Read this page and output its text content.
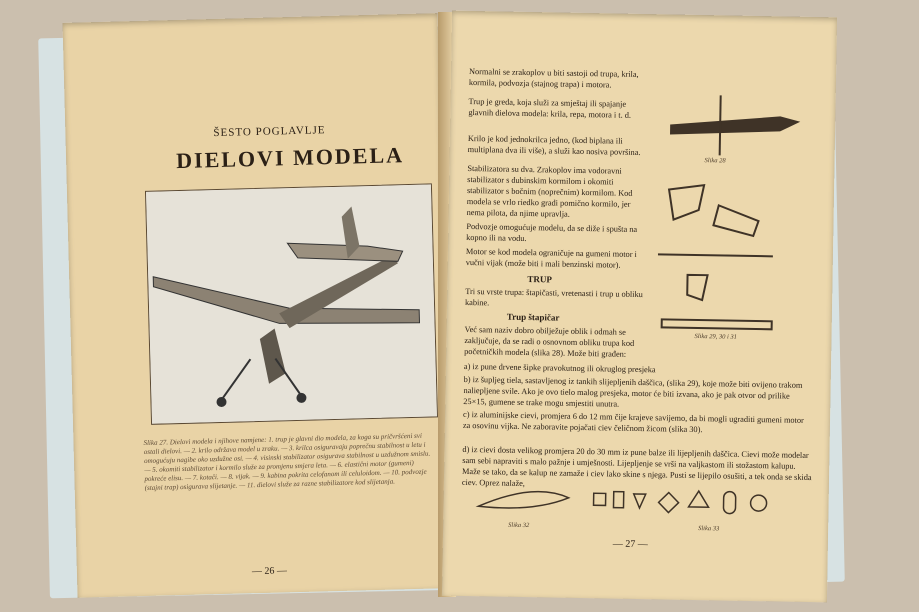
ŠESTO POGLAVLJE
DIELOVI MODELA
Slika 27. Dielovi modela i njihove namjene: 1. trup je glavni dio modela, za koga su pričvršćeni svi ostali dielovi. — 2. krilo održava model u zraku. — 3. krilca osiguravaju poprečnu stabilnost u letu i omogućuju nagibe oko uzdužne osi. — 4. visinski stabilizator osigurava stabilnost u uzdužnom smislu. — 5. okomiti stabilizator i kormilo služe za promjenu smjera leta. — 6. elastični motor (gumeni) pokreće elisu. — 7. kotači. — 8. vijak. — 9. kabina pokrita celofanom ili celuloidom. — 10. podvozje (stajni trap) osigurava slijetanje. — 11. dielovi služe za razne stabilizatore kod slijetanja.
— 26 —
Normalni se zrakoplov u biti sastoji od trupa, krila, kormila, podvozja (stajnog trapa) i motora.
Trup je greda, koja služi za smještaj ili spajanje glavnih dielova modela: krila, repa, motora i t. d.
Krilo je kod jednokrilca jedno, (kod biplana ili multiplana dva ili više), a služi kao nosiva površina.
Stabilizatora su dva. Zrakoplov ima vodoravni stabilizator s dubinskim kormilom i okomiti stabilizator s bočnim (noprečnim) kormilom. Kod modela se vrlo riedko gradi pomično kormilo, jer nema pilota, da njime upravlja.
Podvozje omogućuje modelu, da se diže i spušta na kopno ili na vodu.
Motor se kod modela ograničuje na gumeni motor i vučni vijak (može biti i mali benzinski motor).
TRUP
Tri su vrste trupa: štapičasti, vretenasti i trup u obliku kabine.
Trup štapičar
Već sam naziv dobro obilježuje oblik i odmah se zaključuje, da se radi o osnovnom obliku trupa kod početničkih modela (slika 28). Može biti građen:
a) iz pune drvene šipke pravokutnog ili okruglog presjeka
b) iz šupljeg tiela, sastavljenog iz tankih slijepljenih daščica, (slika 29), koje može biti ovijeno trakom naliepljene svile. Ako je ovo tielo malog presjeka, motor će biti izvana, ako je pak otvor od prilike 25×15, gumene se trake mogu smjestiti unutra.
c) iz aluminijske cievi, promjera 6 do 12 mm čije krajeve savijemo, da bi mogli ugraditi gumeni motor za osovinu vijka. Ne zaboravite pojačati ciev čeličnom žicom (slika 30).
d) iz cievi dosta velikog promjera 20 do 30 mm iz pune balze ili lijepljenih daščica. Cievi može modelar sam sebi napraviti s malo pažnje i umješnosti. Lijepljenje se vrši na valjkastom ili stožastom kalupu. Maže se tako, da se kalup ne zamaže i ciev lako skine s njega. Pusti se lijepilo osušiti, a tek onda se skida ciev. Oprez nalaže,
Slika 28
Slika 29, 30 i 31
Slika 32	Slika 33
— 27 —
